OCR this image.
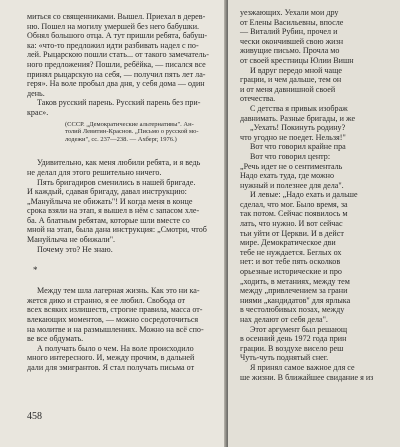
миться со священниками. Вышел. Приехал в дерев-
ню. Пошел на могилу умершей без него бабушки.
Обнял большого отца. А тут пришли ребята, бабуш-
ка: «что-то предложил идти разбивать надел с по-
лей. Рыцарскою пошли стать... от такого замечатель-
ного предложения? Пошли, ребёйка, — писался все
принял рыцарскую на себя, — получил пять лет ла-
геря». На воле пробыл два дня, у себя дома — один
день.
Таков русский парень. Русский парень без при-
крас».
(СССР. „Демократические альтернативы". Ан-
толий Левитин-Краснов. „Письмо о русской мо-
лодежи", сс. 237—238. — Ахберг, 1976.)
Удивительно, как меня любили ребята, и я ведь
не делал для этого решительно ничего.
Пять бригадиров сменились в нашей бригаде.
И каждый, сдавая бригаду, давал инструкцию:
„Мануйлыча не обижать"! И когда меня в конце
срока взяли на этап, я вышел в нём с запасом хле-
ба. А блатным ребятам, которые шли вместе со
мной на этап, была дана инструкция: „Смотри, чтоб
Мануйлыча не обижали".
Почему это? Не знаю.
*
Между тем шла лагерная жизнь. Как это ни ка-
жется дико и странно, я ее любил. Свобода от
всех всяких излишеств, строгие правила, масса от-
влекающих моментов, — можно сосредоточиться
на молитве и на размышлениях. Можно на всё спо-
ве все обдумать.
А получать было о чем. На воле происходило
много интересного. И, между прочим, в дальней
дали для эмигрантов. Я стал получать письма от
458
уезжающих. Уехали мои дру
от Елены Васильевны, впосле
— Виталий Рубин, прочел и
чески окончившей свою жизн
живущие письмо. Прочла мо
от своей крестницы Юлии Вишн
И вдруг передо мной чаще
грации, и чем дальше, тем он
и от меня давнишной своей
отечества.
С детства я привык изображ
давнимать. Разные бригады, и же
„Уехать! Покинуть родину?
что угодно не поедет. Нельзя!"
Вот что говорил крайне пра
Вот что говорил центр:
„Речь идет не о сентименталь
Надо ехать туда, где можно
нужный и полезнее для дела".
И левые: „Надо ехать и дальше
сделал, что мог. Было время, за
так потом. Сейчас появилось м
лать, что нужно. И вот сейчас
тьи уйти от Церкви. И в дейст
мире. Демократическое дви
тебе не нуждается. Беглых ох
нет: и вот тебе пять осколков
орьезные исторические и про
„ходить, в метаниях, между тем
между „привлечением за грани
ниями „кандидатов" для ярлыка
в честолюбивых позах, между
нах делают от себя дела".
Этот аргумент был решающ
в осенний день 1972 года прин
грации. В воздухе висело реш
Чуть-чуть поднятый снег.
Я принял самое важное для се
ше жизни. В ближайшее свидание я из
